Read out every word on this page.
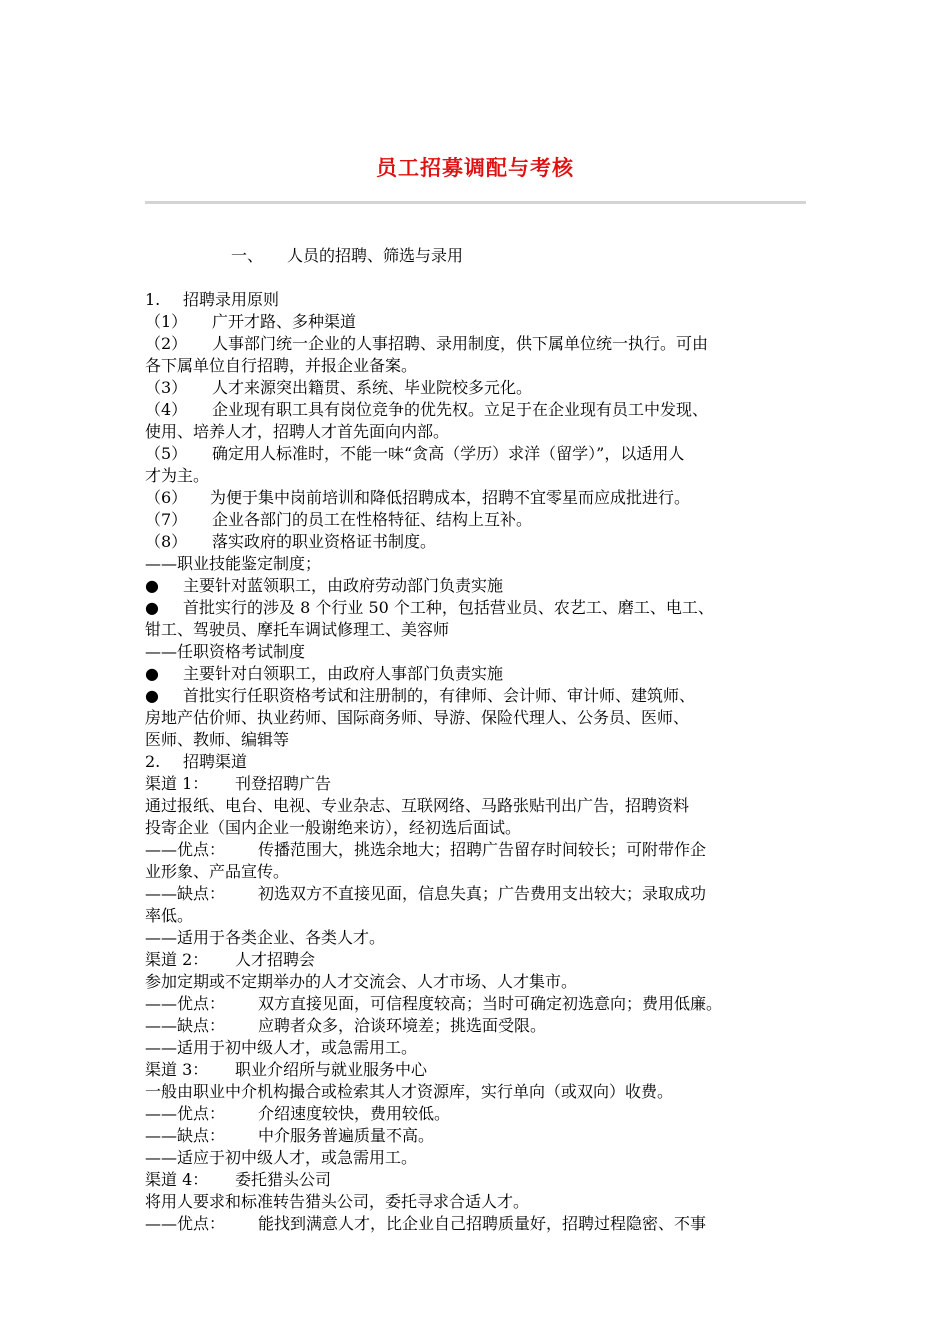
员工招募调配与考核
一、 人员的招聘、筛选与录用
1. 招聘录用原则
（1） 广开才路、多种渠道
（2） 人事部门统一企业的人事招聘、录用制度，供下属单位统一执行。可由
各下属单位自行招聘，并报企业备案。
（3） 人才来源突出籍贯、系统、毕业院校多元化。
（4） 企业现有职工具有岗位竞争的优先权。立足于在企业现有员工中发现、
使用、培养人才，招聘人才首先面向内部。
（5） 确定用人标准时，不能一味“贪高（学历）求洋（留学）”，以适用人
才为主。
（6） 为便于集中岗前培训和降低招聘成本，招聘不宜零星而应成批进行。
（7） 企业各部门的员工在性格特征、结构上互补。
（8） 落实政府的职业资格证书制度。
——职业技能鉴定制度；
● 主要针对蓝领职工，由政府劳动部门负责实施
● 首批实行的涉及 8 个行业 50 个工种，包括营业员、农艺工、磨工、电工、
钳工、驾驶员、摩托车调试修理工、美容师
——任职资格考试制度
● 主要针对白领职工，由政府人事部门负责实施
● 首批实行任职资格考试和注册制的，有律师、会计师、审计师、建筑师、
房地产估价师、执业药师、国际商务师、导游、保险代理人、公务员、医师、
医师、教师、编辑等
2. 招聘渠道
渠道 1： 刊登招聘广告
通过报纸、电台、电视、专业杂志、互联网络、马路张贴刊出广告，招聘资料
投寄企业（国内企业一般谢绝来访），经初选后面试。
——优点： 传播范围大，挑选余地大；招聘广告留存时间较长；可附带作企
业形象、产品宣传。
——缺点： 初选双方不直接见面，信息失真；广告费用支出较大；录取成功
率低。
——适用于各类企业、各类人才。
渠道 2： 人才招聘会
参加定期或不定期举办的人才交流会、人才市场、人才集市。
——优点： 双方直接见面，可信程度较高；当时可确定初选意向；费用低廉。
——缺点： 应聘者众多，洽谈环境差；挑选面受限。
——适用于初中级人才，或急需用工。
渠道 3： 职业介绍所与就业服务中心
一般由职业中介机构撮合或检索其人才资源库，实行单向（或双向）收费。
——优点： 介绍速度较快，费用较低。
——缺点： 中介服务普遍质量不高。
——适应于初中级人才，或急需用工。
渠道 4： 委托猎头公司
将用人要求和标准转告猎头公司，委托寻求合适人才。
——优点： 能找到满意人才，比企业自己招聘质量好，招聘过程隐密、不事
